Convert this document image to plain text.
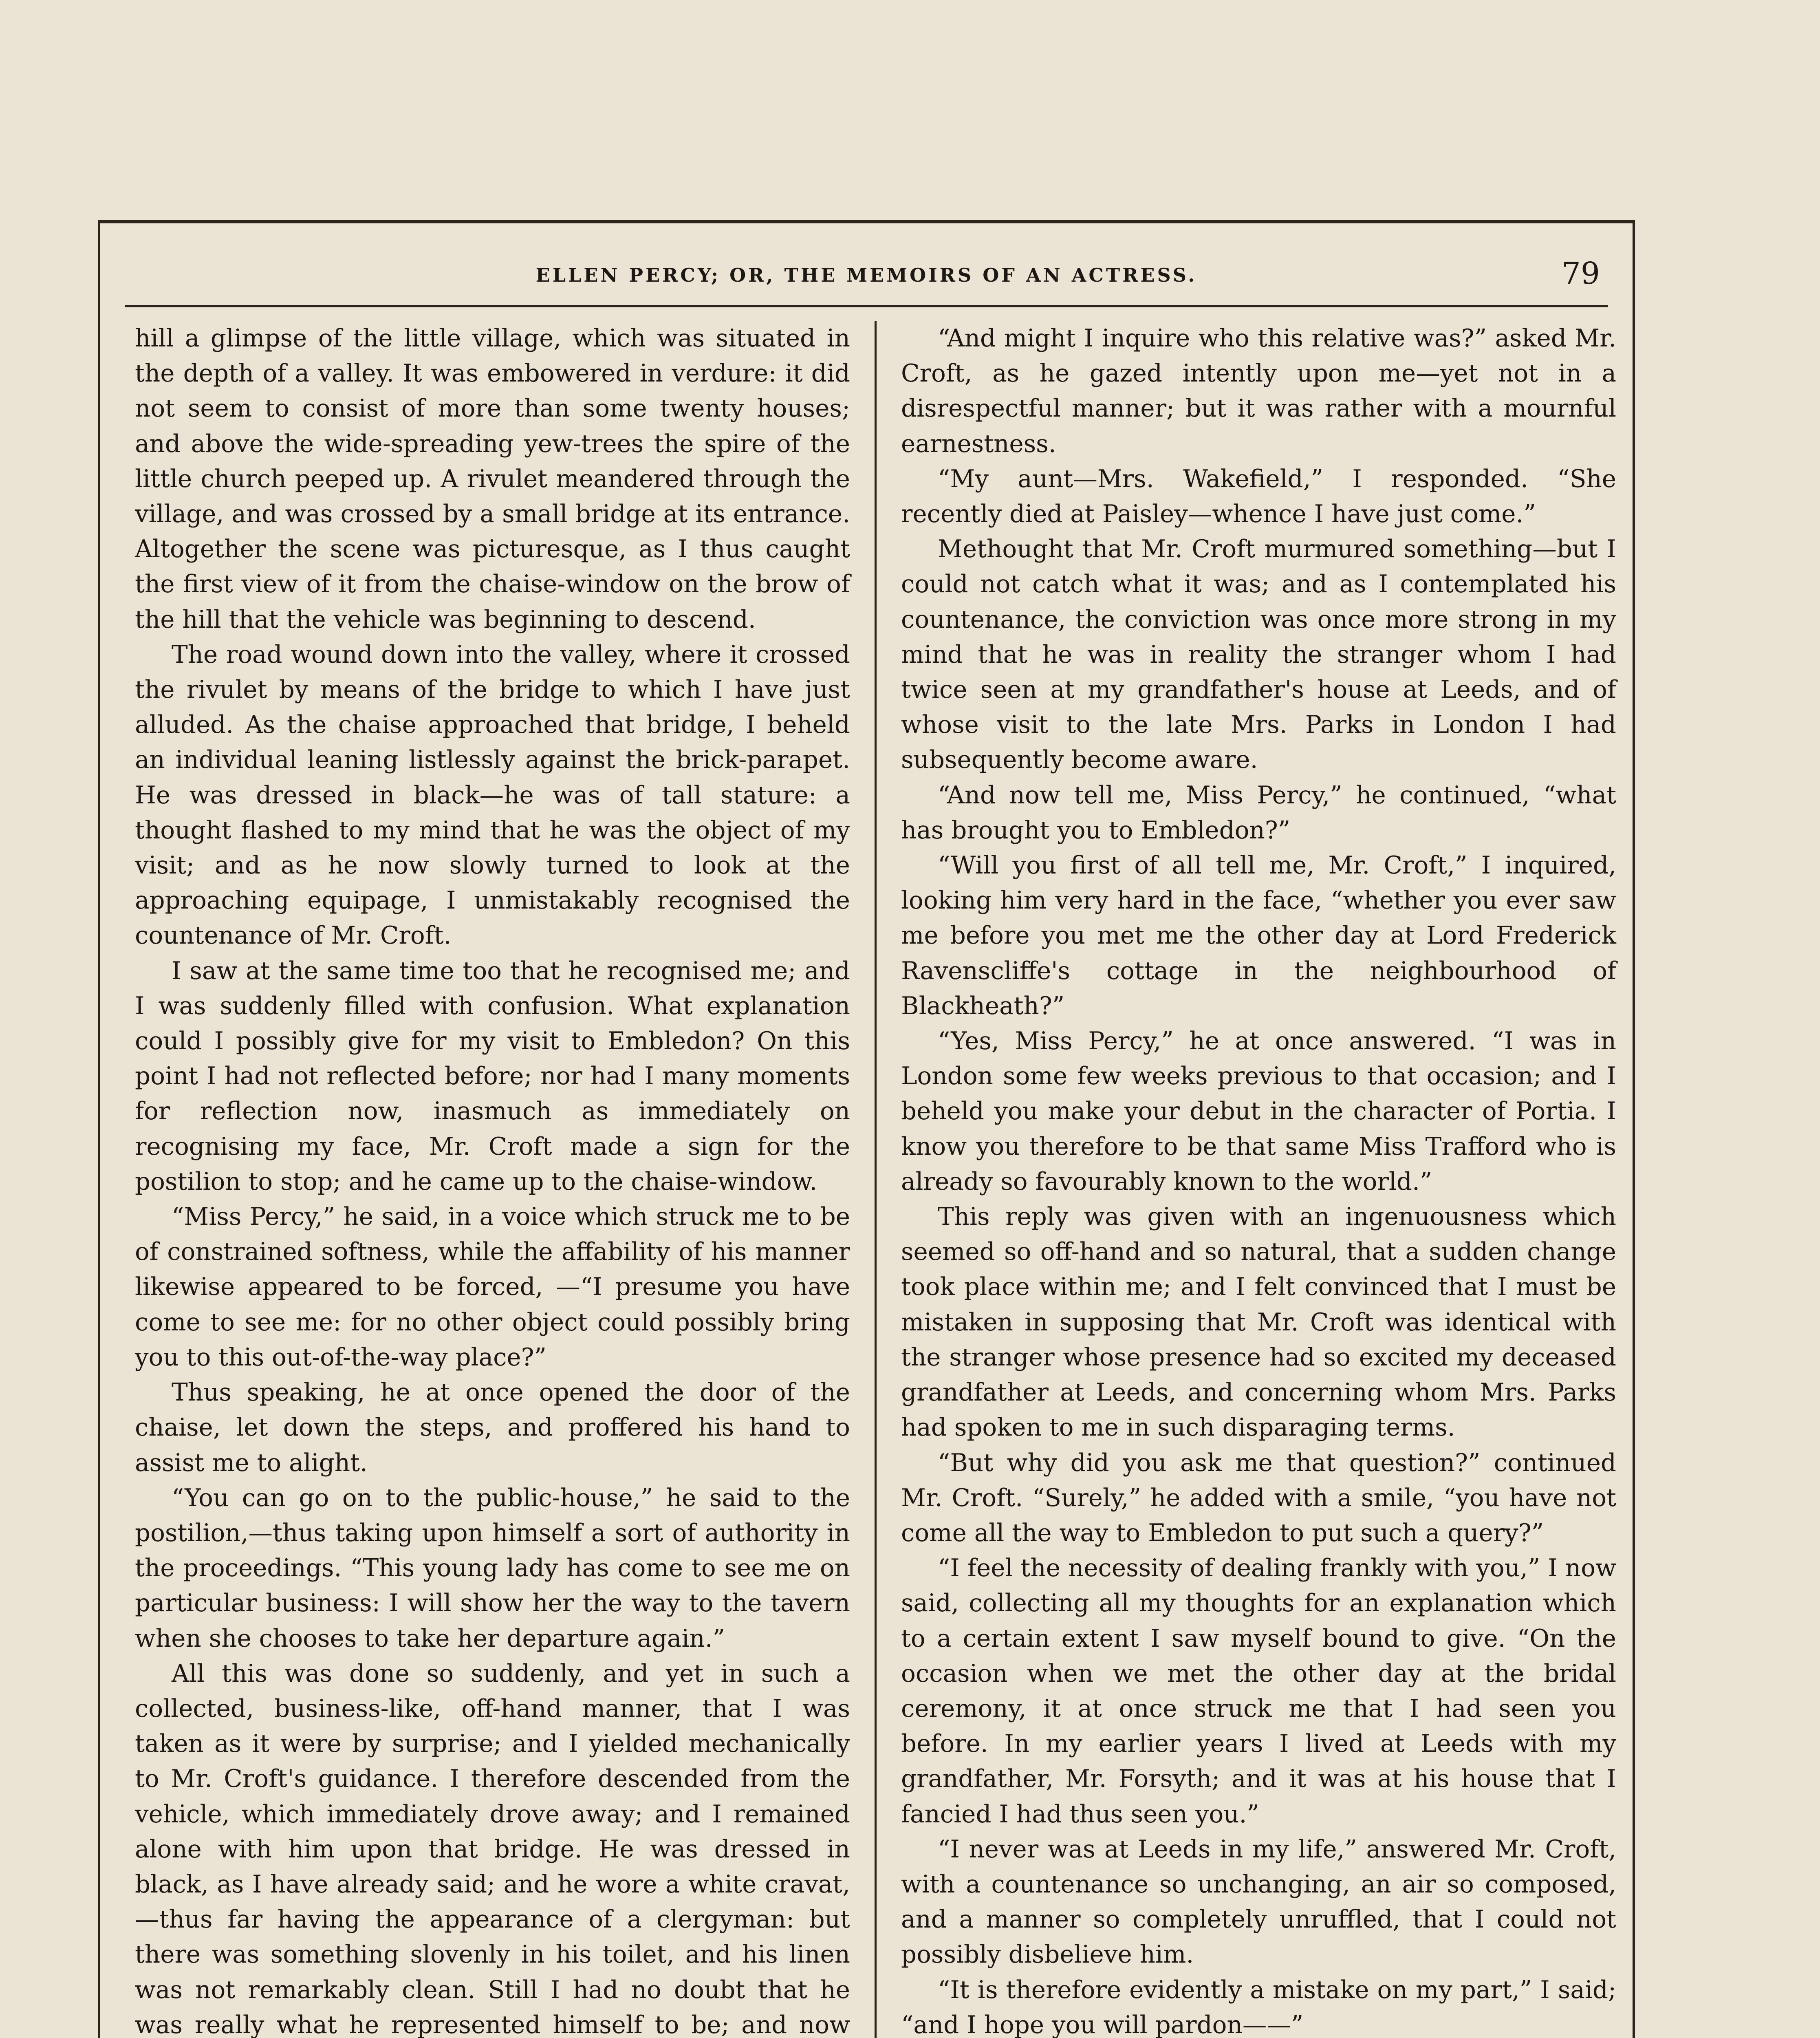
ELLEN PERCY; OR, THE MEMOIRS OF AN ACTRESS.	79

hill a glimpse of the little village, which was situated in the depth of a valley. It was embowered in verdure: it did not seem to consist of more than some twenty houses; and above the wide-spreading yew-trees the spire of the little church peeped up. A rivulet meandered through the village, and was crossed by a small bridge at its entrance. Altogether the scene was picturesque, as I thus caught the first view of it from the chaise-window on the brow of the hill that the vehicle was beginning to descend.

The road wound down into the valley, where it crossed the rivulet by means of the bridge to which I have just alluded. As the chaise approached that bridge, I beheld an individual leaning listlessly against the brick-parapet. He was dressed in black—he was of tall stature: a thought flashed to my mind that he was the object of my visit; and as he now slowly turned to look at the approaching equipage, I unmistakably recognised the countenance of Mr. Croft.

I saw at the same time too that he recognised me; and I was suddenly filled with confusion. What explanation could I possibly give for my visit to Embledon? On this point I had not reflected before; nor had I many moments for reflection now, inasmuch as immediately on recognising my face, Mr. Croft made a sign for the postilion to stop; and he came up to the chaise-window.

“Miss Percy,” he said, in a voice which struck me to be of constrained softness, while the affability of his manner likewise appeared to be forced, —“I presume you have come to see me: for no other object could possibly bring you to this out-of-the-way place?”

Thus speaking, he at once opened the door of the chaise, let down the steps, and proffered his hand to assist me to alight.

“You can go on to the public-house,” he said to the postilion,—thus taking upon himself a sort of authority in the proceedings. “This young lady has come to see me on particular business: I will show her the way to the tavern when she chooses to take her departure again.”

All this was done so suddenly, and yet in such a collected, business-like, off-hand manner, that I was taken as it were by surprise; and I yielded mechanically to Mr. Croft's guidance. I therefore descended from the vehicle, which immediately drove away; and I remained alone with him upon that bridge. He was dressed in black, as I have already said; and he wore a white cravat,—thus far having the appearance of a clergyman: but there was something slovenly in his toilet, and his linen was not remarkably clean. Still I had no doubt that he was really what he represented himself to be; and now

“And might I inquire who this relative was?” asked Mr. Croft, as he gazed intently upon me—yet not in a disrespectful manner; but it was rather with a mournful earnestness.

“My aunt—Mrs. Wakefield,” I responded. “She recently died at Paisley—whence I have just come.”

Methought that Mr. Croft murmured something—but I could not catch what it was; and as I contemplated his countenance, the conviction was once more strong in my mind that he was in reality the stranger whom I had twice seen at my grandfather's house at Leeds, and of whose visit to the late Mrs. Parks in London I had subsequently become aware.

“And now tell me, Miss Percy,” he continued, “what has brought you to Embledon?”

“Will you first of all tell me, Mr. Croft,” I inquired, looking him very hard in the face, “whether you ever saw me before you met me the other day at Lord Frederick Ravenscliffe's cottage in the neighbourhood of Blackheath?”

“Yes, Miss Percy,” he at once answered. “I was in London some few weeks previous to that occasion; and I beheld you make your debut in the character of Portia. I know you therefore to be that same Miss Trafford who is already so favourably known to the world.”

This reply was given with an ingenuousness which seemed so off-hand and so natural, that a sudden change took place within me; and I felt convinced that I must be mistaken in supposing that Mr. Croft was identical with the stranger whose presence had so excited my deceased grandfather at Leeds, and concerning whom Mrs. Parks had spoken to me in such disparaging terms.

“But why did you ask me that question?” continued Mr. Croft. “Surely,” he added with a smile, “you have not come all the way to Embledon to put such a query?”

“I feel the necessity of dealing frankly with you,” I now said, collecting all my thoughts for an explanation which to a certain extent I saw myself bound to give. “On the occasion when we met the other day at the bridal ceremony, it at once struck me that I had seen you before. In my earlier years I lived at Leeds with my grandfather, Mr. Forsyth; and it was at his house that I fancied I had thus seen you.”

“I never was at Leeds in my life,” answered Mr. Croft, with a countenance so unchanging, an air so composed, and a manner so completely unruffled, that I could not possibly disbelieve him.

“It is therefore evidently a mistake on my part,” I said; “and I hope you will pardon——”
